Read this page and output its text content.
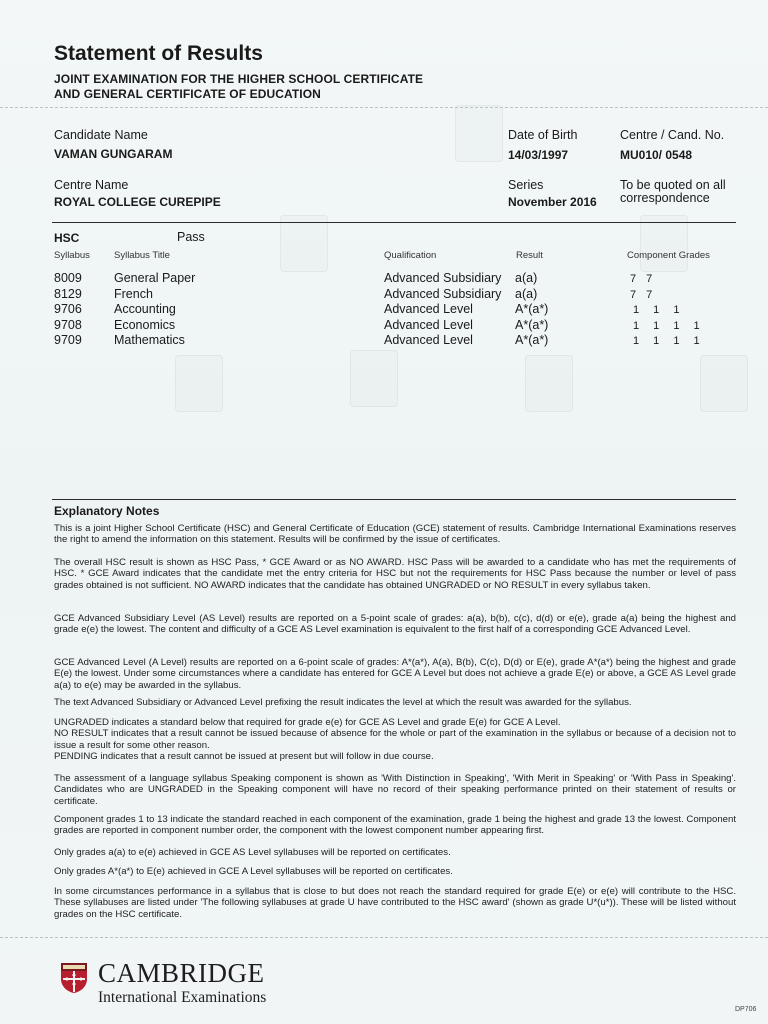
Statement of Results
JOINT EXAMINATION FOR THE HIGHER SCHOOL CERTIFICATE
AND GENERAL CERTIFICATE OF EDUCATION
Candidate Name
VAMAN GUNGARAM
Date of Birth
14/03/1997
Centre / Cand. No.
MU010/ 0548
Centre Name
ROYAL COLLEGE CUREPIPE
Series
November 2016
To be quoted on all
correspondence
HSC	Pass
Syllabus	Syllabus Title	Qualification	Result	Component Grades
8009	General Paper	Advanced Subsidiary a(a)	7 7
8129	French	Advanced Subsidiary a(a)	7 7
9706	Accounting	Advanced Level	A*(a*)	1 1 1
9708	Economics	Advanced Level	A*(a*)	1 1 1 1
9709	Mathematics	Advanced Level	A*(a*)	1 1 1 1
Explanatory Notes
This is a joint Higher School Certificate (HSC) and General Certificate of Education (GCE) statement of results. Cambridge International Examinations reserves the right to amend the information on this statement. Results will be confirmed by the issue of certificates.
The overall HSC result is shown as HSC Pass, * GCE Award or as NO AWARD. HSC Pass will be awarded to a candidate who has met the requirements of HSC. * GCE Award indicates that the candidate met the entry criteria for HSC but not the requirements for HSC Pass because the number or level of pass grades obtained is not sufficient. NO AWARD indicates that the candidate has obtained UNGRADED or NO RESULT in every syllabus taken.
GCE Advanced Subsidiary Level (AS Level) results are reported on a 5-point scale of grades: a(a), b(b), c(c), d(d) or e(e), grade a(a) being the highest and grade e(e) the lowest. The content and difficulty of a GCE AS Level examination is equivalent to the first half of a corresponding GCE Advanced Level.
GCE Advanced Level (A Level) results are reported on a 6-point scale of grades: A*(a*), A(a), B(b), C(c), D(d) or E(e), grade A*(a*) being the highest and grade E(e) the lowest. Under some circumstances where a candidate has entered for GCE A Level but does not achieve a grade E(e) or above, a GCE AS Level grade a(a) to e(e) may be awarded in the syllabus.
The text Advanced Subsidiary or Advanced Level prefixing the result indicates the level at which the result was awarded for the syllabus.
UNGRADED indicates a standard below that required for grade e(e) for GCE AS Level and grade E(e) for GCE A Level.
NO RESULT indicates that a result cannot be issued because of absence for the whole or part of the examination in the syllabus or because of a decision not to issue a result for some other reason.
PENDING indicates that a result cannot be issued at present but will follow in due course.
The assessment of a language syllabus Speaking component is shown as 'With Distinction in Speaking', 'With Merit in Speaking' or 'With Pass in Speaking'. Candidates who are UNGRADED in the Speaking component will have no record of their speaking performance printed on their statement of results or certificate.
Component grades 1 to 13 indicate the standard reached in each component of the examination, grade 1 being the highest and grade 13 the lowest. Component grades are reported in component number order, the component with the lowest component number appearing first.
Only grades a(a) to e(e) achieved in GCE AS Level syllabuses will be reported on certificates.
Only grades A*(a*) to E(e) achieved in GCE A Level syllabuses will be reported on certificates.
In some circumstances performance in a syllabus that is close to but does not reach the standard required for grade E(e) or e(e) will contribute to the HSC. These syllabuses are listed under 'The following syllabuses at grade U have contributed to the HSC award' (shown as grade U*(u*)). These will be listed without grades on the HSC certificate.
CAMBRIDGE
International Examinations
DP706
